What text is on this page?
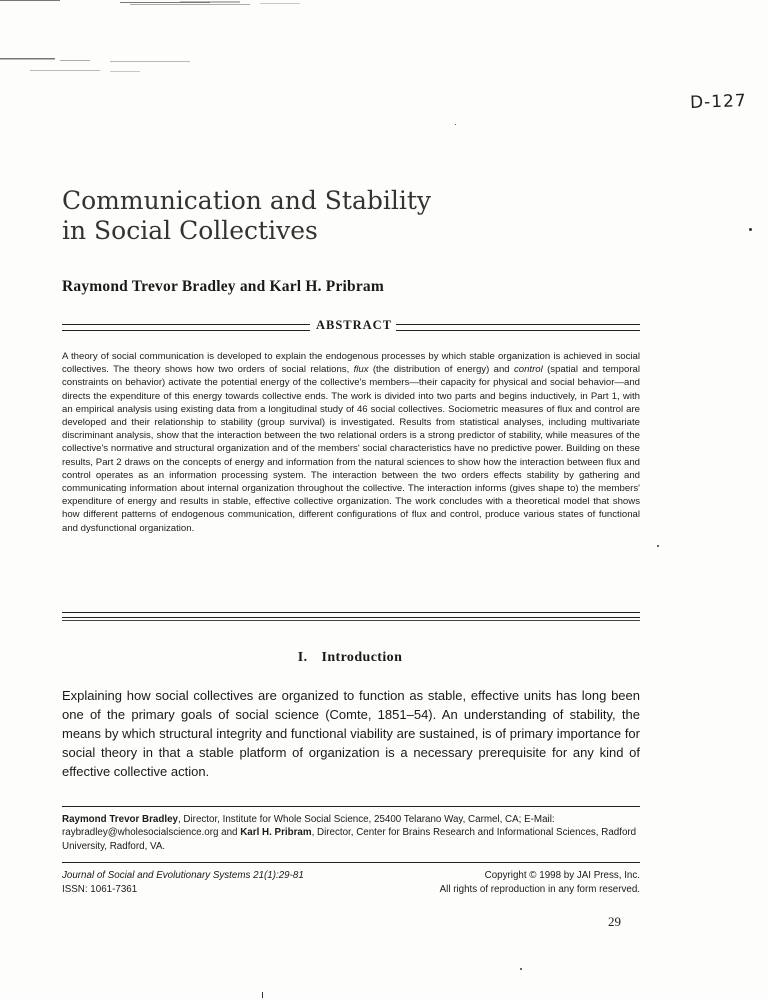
D-127
Communication and Stability
in Social Collectives
Raymond Trevor Bradley and Karl H. Pribram
ABSTRACT

A theory of social communication is developed to explain the endogenous processes by which stable organization is achieved in social collectives. The theory shows how two orders of social relations, flux (the distribution of energy) and control (spatial and temporal constraints on behavior) activate the potential energy of the collective's members—their capacity for physical and social behavior—and directs the expenditure of this energy towards collective ends. The work is divided into two parts and begins inductively, in Part 1, with an empirical analysis using existing data from a longitudinal study of 46 social collectives. Sociometric measures of flux and control are developed and their relationship to stability (group survival) is investigated. Results from statistical analyses, including multivariate discriminant analysis, show that the interaction between the two relational orders is a strong predictor of stability, while measures of the collective's normative and structural organization and of the members' social characteristics have no predictive power. Building on these results, Part 2 draws on the concepts of energy and information from the natural sciences to show how the interaction between flux and control operates as an information processing system. The interaction between the two orders effects stability by gathering and communicating information about internal organization throughout the collective. The interaction informs (gives shape to) the members' expenditure of energy and results in stable, effective collective organization. The work concludes with a theoretical model that shows how different patterns of endogenous communication, different configurations of flux and control, produce various states of functional and dysfunctional organization.

I. Introduction

Explaining how social collectives are organized to function as stable, effective units has long been one of the primary goals of social science (Comte, 1851–54). An understanding of stability, the means by which structural integrity and functional viability are sustained, is of primary importance for social theory in that a stable platform of organization is a necessary prerequisite for any kind of effective collective action.

Raymond Trevor Bradley, Director, Institute for Whole Social Science, 25400 Telarano Way, Carmel, CA; E-Mail: raybradley@wholesocialscience.org and Karl H. Pribram, Director, Center for Brains Research and Informational Sciences, Radford University, Radford, VA.

Journal of Social and Evolutionary Systems 21(1):29-81	Copyright © 1998 by JAI Press, Inc.
ISSN: 1061-7361	All rights of reproduction in any form reserved.
29
